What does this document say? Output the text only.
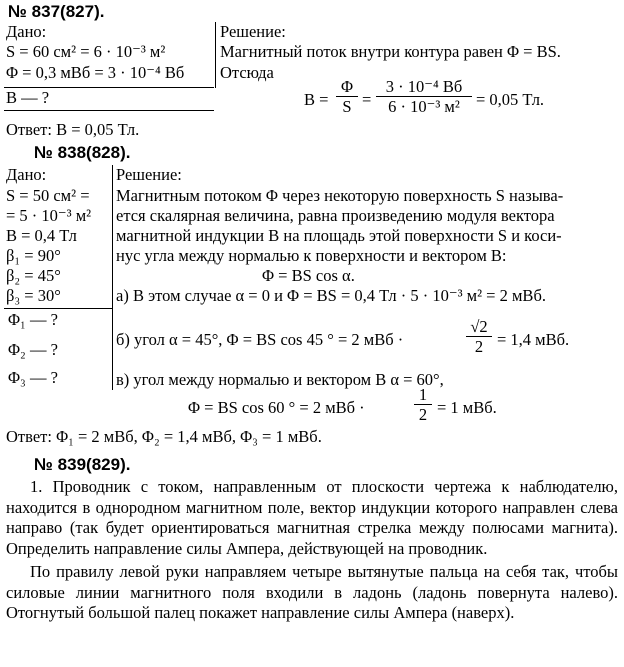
№ 837(827).
Дано:
S = 60 см² = 6 · 10⁻³ м²
Φ = 0,3 мВб = 3 · 10⁻⁴ Вб
B — ?
Решение:
Магнитный поток внутри контура равен Φ = BS.
Отсюда
$B = \frac{\Phi}{S}$ =
3 · 10⁻⁴ Вб
6 · 10⁻³ м² = 0,05 Тл.
Ответ: B = 0,05 Тл.
№ 838(828).
Дано:
S = 50 см² =
= 5 · 10⁻³ м²
B = 0,4 Тл
β₁ = 90°
β₂ = 45°
β₃ = 30°
Φ₁ — ?
Φ₂ — ?
Φ₃ — ?
Решение:
Магнитным потоком Φ через некоторую поверхность S называ-
ется скалярная величина, равна произведению модуля вектора
магнитной индукции B на площадь этой поверхности S и коси-
нус угла между нормалью к поверхности и вектором B:
Φ = BS cos α.
а) В этом случае α = 0 и Φ = BS = 0,4 Тл · 5 · 10⁻³ м² = 2 мВб.
б) угол α = 45°, Φ = BS cos 45 ° = 2 мВб ·	$\frac{√2}{2} = 1,4$ мВб.
в) угол между нормалью и вектором B α = 60°,
Φ = BS cos 60 ° = 2 мВб ·	$\frac{1}{2} = 1$ мВб.
Ответ: Φ₁ = 2 мВб, Φ₂ = 1,4 мВб, Φ₃ = 1 мВб.
№ 839(829).

1. Проводник с током, направленным от плоскости чертежа к наблюдателю, находится в однородном магнитном поле, вектор индукции которого направлен слева направо (так будет ориентироваться магнитная стрелка между полюсами магнита). Определить направление силы Ампера, действующей на проводник.

По правилу левой руки направляем четыре вытянутые пальца на себя так, чтобы силовые линии магнитного поля входили в ладонь (ладонь повернута налево). Отогнутый большой палец покажет направление силы Ампера (наверх).
